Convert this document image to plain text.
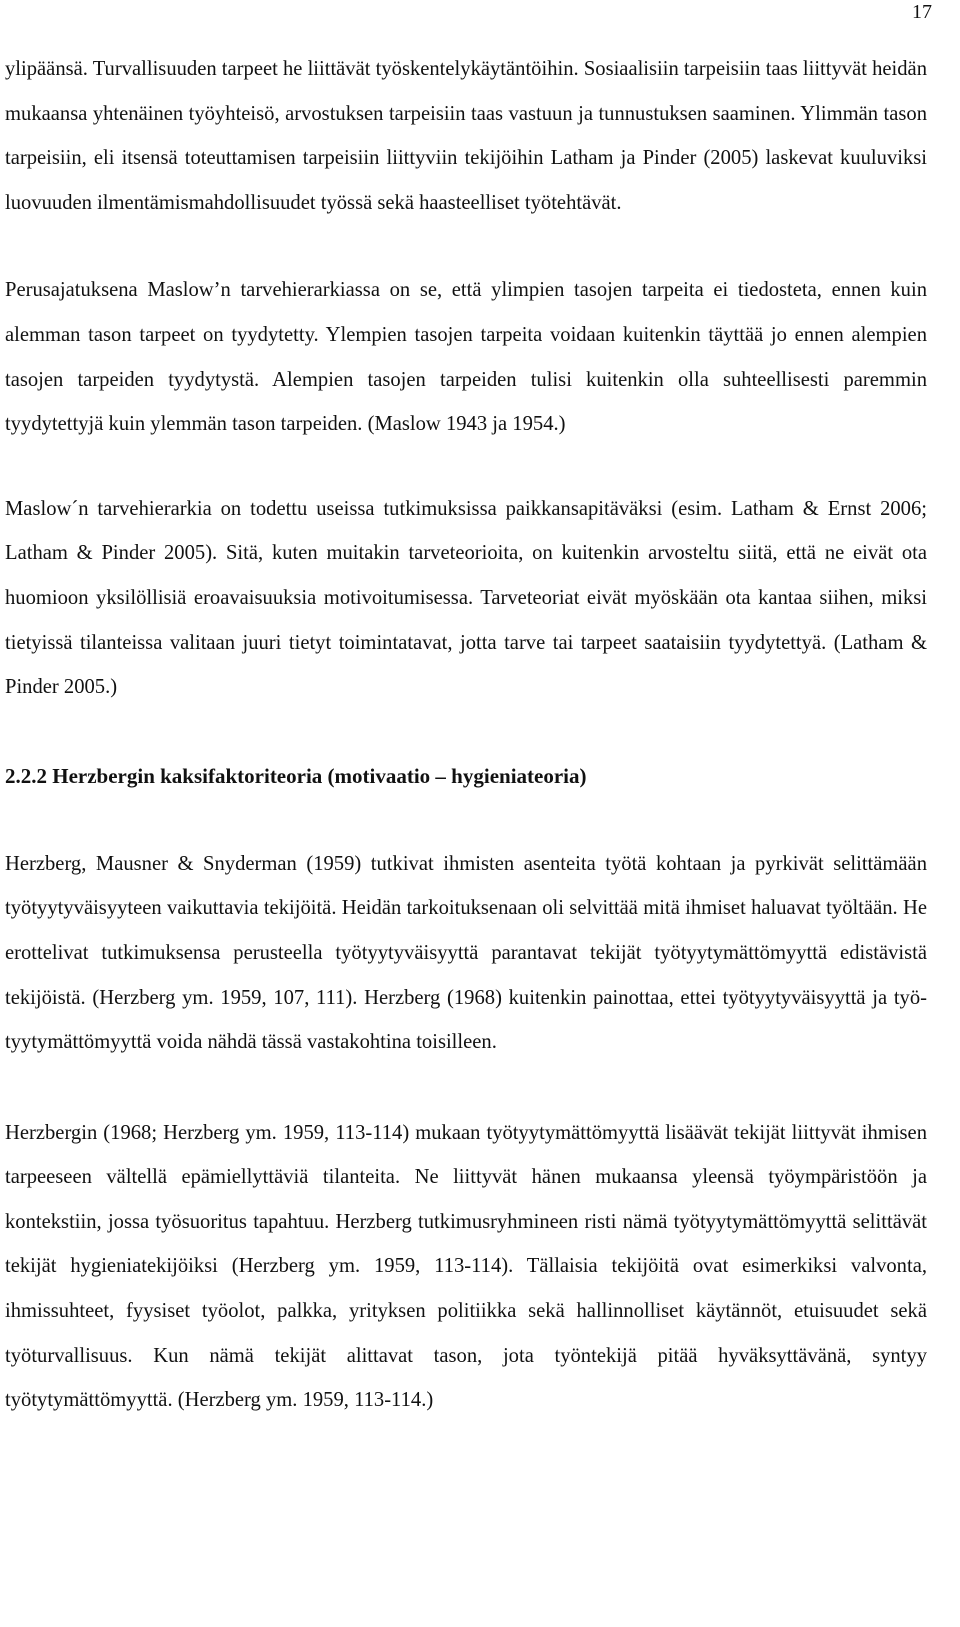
17

ylipäänsä. Turvallisuuden tarpeet he liittävät työskentelykäytäntöihin. Sosiaalisiin tarpeisiin taas liittyvät heidän mukaansa yhtenäinen työyhteisö, arvostuksen tarpeisiin taas vastuun ja tunnustuksen saaminen. Ylimmän tason tarpeisiin, eli itsensä toteuttamisen tarpeisiin liittyviin tekijöihin Latham ja Pinder (2005) laskevat kuuluviksi luovuuden ilmentämismahdollisuudet työssä sekä haasteelliset työtehtävät.

Perusajatuksena Maslow’n tarvehierarkiassa on se, että ylimpien tasojen tarpeita ei tiedosteta, ennen kuin alemman tason tarpeet on tyydytetty. Ylempien tasojen tarpeita voidaan kuitenkin täyttää jo ennen alempien tasojen tarpeiden tyydytystä. Alempien tasojen tarpeiden tulisi kuitenkin olla suhteellisesti paremmin tyydytettyjä kuin ylemmän tason tarpeiden. (Maslow 1943 ja 1954.)

Maslow´n tarvehierarkia on todettu useissa tutkimuksissa paikkansapitäväksi (esim. Latham & Ernst 2006; Latham & Pinder 2005). Sitä, kuten muitakin tarveteorioita, on kuitenkin arvosteltu siitä, että ne eivät ota huomioon yksilöllisiä eroavaisuuksia motivoitumisessa. Tarveteoriat eivät myöskään ota kantaa siihen, miksi tietyissä tilanteissa valitaan juuri tietyt toimintatavat, jotta tarve tai tarpeet saataisiin tyydytettyä. (Latham & Pinder 2005.)

2.2.2 Herzbergin kaksifaktoriteoria (motivaatio – hygieniateoria)

Herzberg, Mausner & Snyderman (1959) tutkivat ihmisten asenteita työtä kohtaan ja pyrkivät selittämään työtyytyväisyyteen vaikuttavia tekijöitä. Heidän tarkoituksenaan oli selvittää mitä ihmiset haluavat työltään. He erottelivat tutkimuksensa perusteella työtyytyväisyyttä parantavat tekijät työtyytymättömyyttä edistävistä tekijöistä. (Herzberg ym. 1959, 107, 111). Herzberg (1968) kuitenkin painottaa, ettei työtyytyväisyyttä ja työ-tyytymättömyyttä voida nähdä tässä vastakohtina toisilleen.

Herzbergin (1968; Herzberg ym. 1959, 113-114) mukaan työtyytymättömyyttä lisäävät tekijät liittyvät ihmisen tarpeeseen vältellä epämiellyttäviä tilanteita. Ne liittyvät hänen mukaansa yleensä työympäristöön ja kontekstiin, jossa työsuoritus tapahtuu. Herzberg tutkimusryhmineen risti nämä työtyytymättömyyttä selittävät tekijät hygieniatekijöiksi (Herzberg ym. 1959, 113-114). Tällaisia tekijöitä ovat esimerkiksi valvonta, ihmissuhteet, fyysiset työolot, palkka, yrityksen politiikka sekä hallinnolliset käytännöt, etuisuudet sekä työturvallisuus. Kun nämä tekijät alittavat tason, jota työntekijä pitää hyväksyttävänä, syntyy työtytymättömyyttä. (Herzberg ym. 1959, 113-114.)
